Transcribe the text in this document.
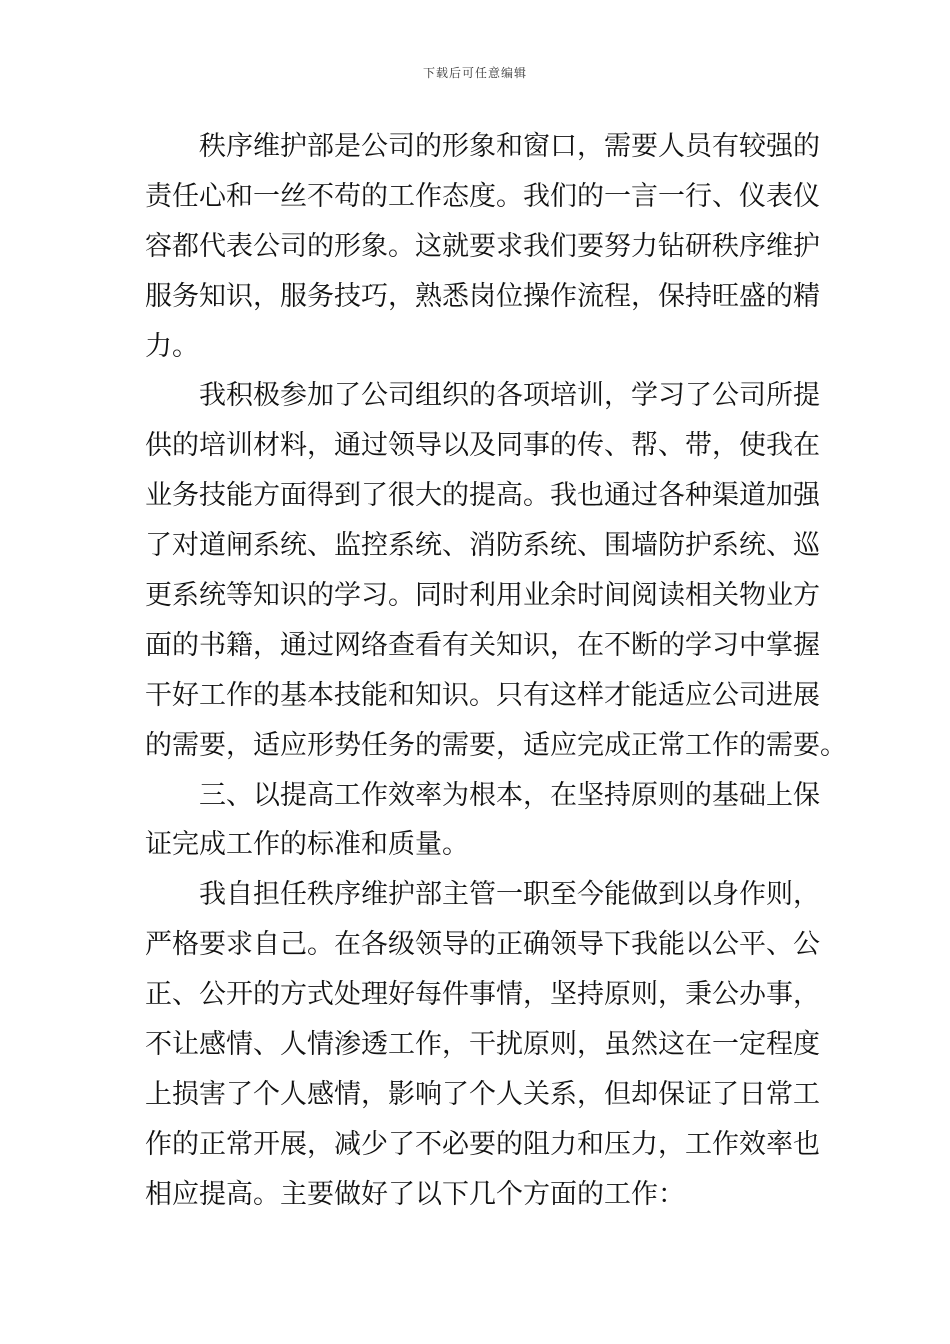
下载后可任意编辑
秩序维护部是公司的形象和窗口，需要人员有较强的
责任心和一丝不苟的工作态度。我们的一言一行、仪表仪
容都代表公司的形象。这就要求我们要努力钻研秩序维护
服务知识，服务技巧，熟悉岗位操作流程，保持旺盛的精
力。
我积极参加了公司组织的各项培训，学习了公司所提
供的培训材料，通过领导以及同事的传、帮、带，使我在
业务技能方面得到了很大的提高。我也通过各种渠道加强
了对道闸系统、监控系统、消防系统、围墙防护系统、巡
更系统等知识的学习。同时利用业余时间阅读相关物业方
面的书籍，通过网络查看有关知识，在不断的学习中掌握
干好工作的基本技能和知识。只有这样才能适应公司进展
的需要，适应形势任务的需要，适应完成正常工作的需要。
三、以提高工作效率为根本，在坚持原则的基础上保
证完成工作的标准和质量。
我自担任秩序维护部主管一职至今能做到以身作则，
严格要求自己。在各级领导的正确领导下我能以公平、公
正、公开的方式处理好每件事情，坚持原则，秉公办事，
不让感情、人情渗透工作，干扰原则，虽然这在一定程度
上损害了个人感情，影响了个人关系，但却保证了日常工
作的正常开展，减少了不必要的阻力和压力，工作效率也
相应提高。主要做好了以下几个方面的工作：
